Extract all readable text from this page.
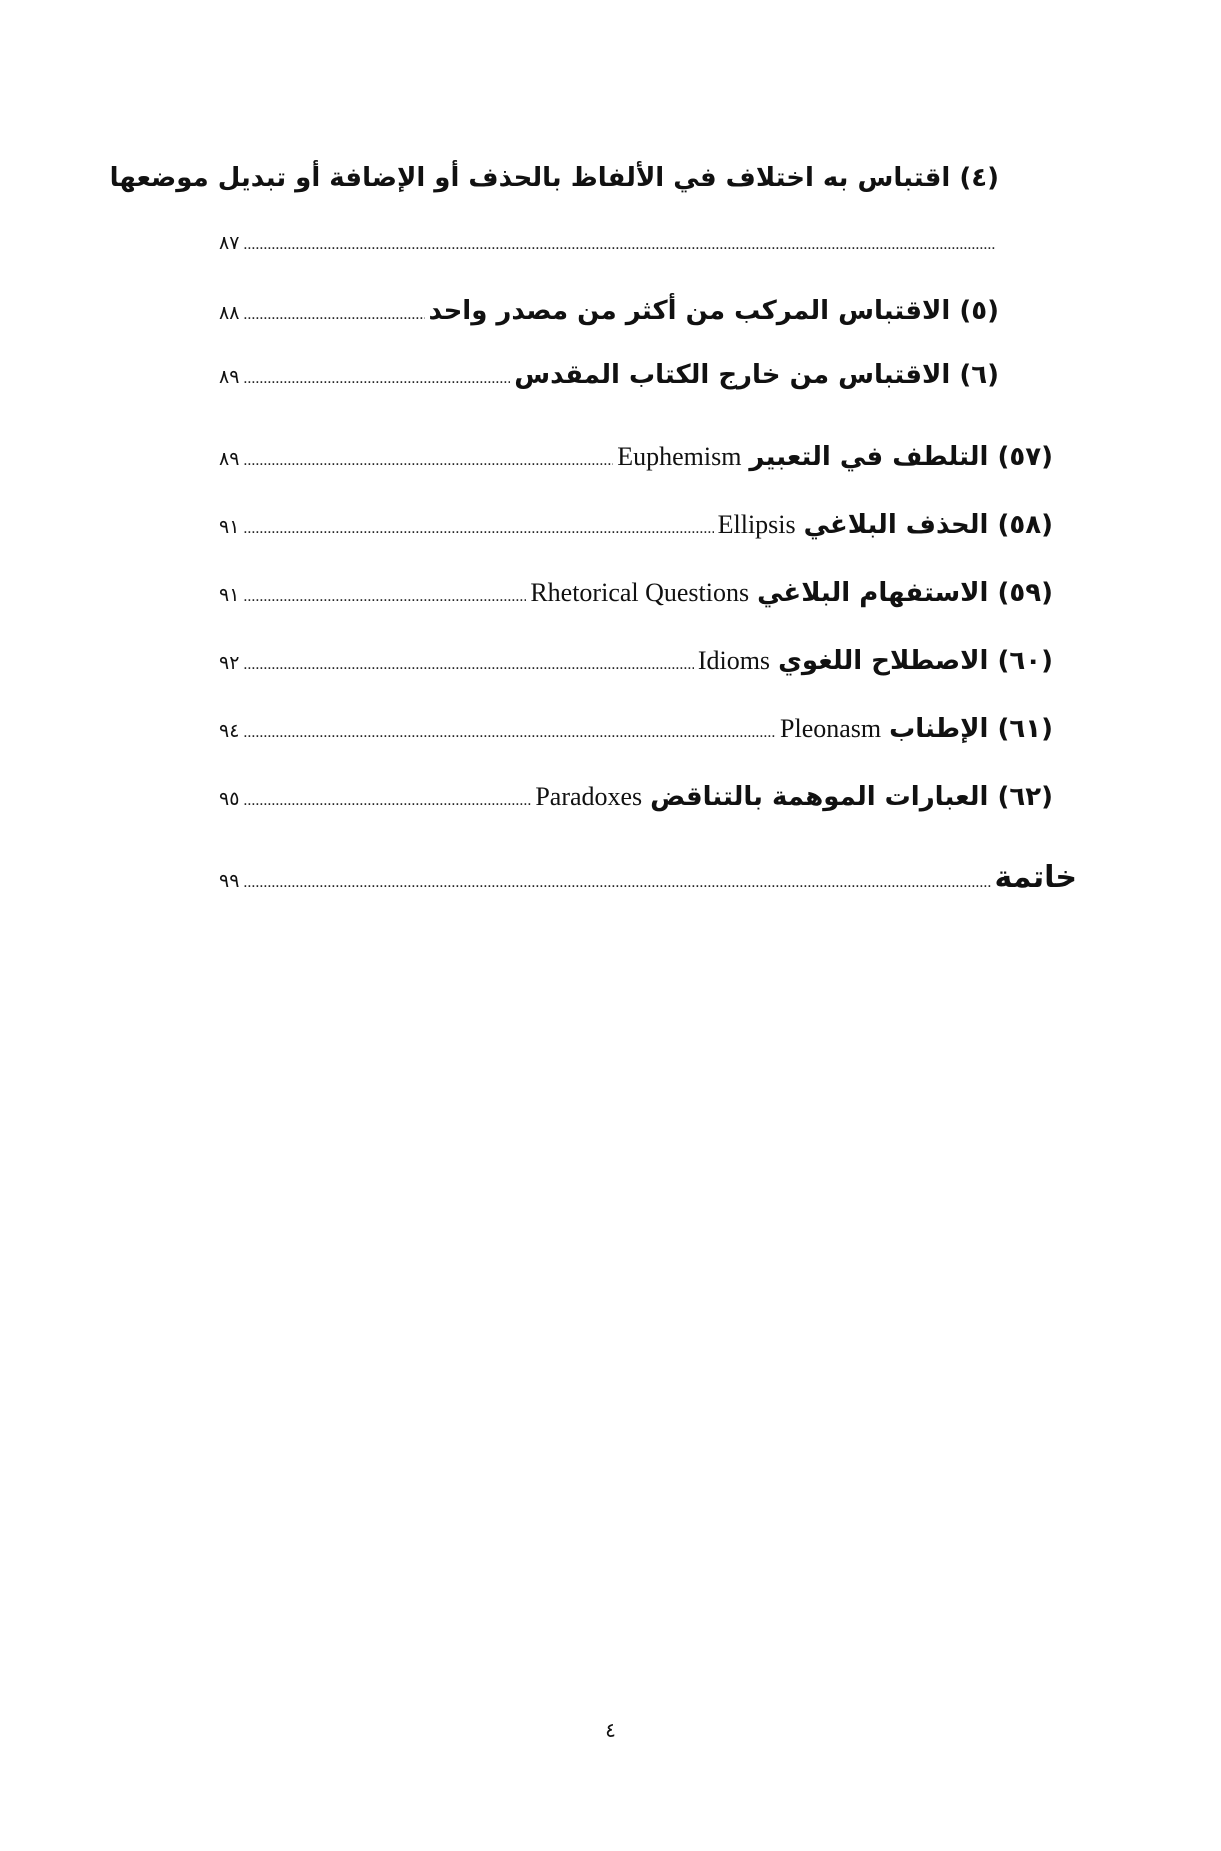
(٤) اقتباس به اختلاف في الألفاظ بالحذف أو الإضافة أو تبديل موضعها
.....
٨٧
(٥) الاقتباس المركب من أكثر من مصدر واحد
.....
٨٨
(٦) الاقتباس من خارج الكتاب المقدس
.....
٨٩
(٥٧) التلطف في التعبير
Euphemism
.....
٨٩
(٥٨) الحذف البلاغي
Ellipsis
.....
٩١
(٥٩) الاستفهام البلاغي
Rhetorical Questions
.....
٩١
(٦٠) الاصطلاح اللغوي
Idioms
.....
٩٢
(٦١) الإطناب
Pleonasm
.....
٩٤
(٦٢) العبارات الموهمة بالتناقض
Paradoxes
.....
٩٥
خاتمة
.....
٩٩
٤
